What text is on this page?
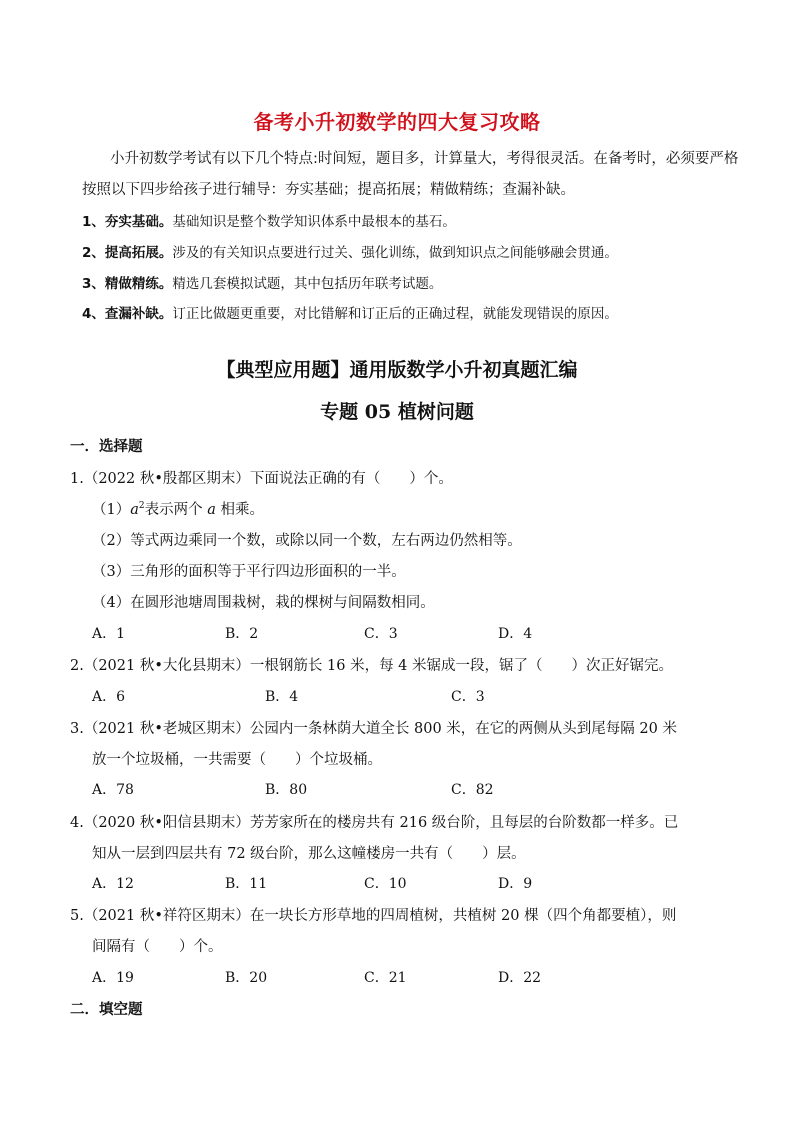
备考小升初数学的四大复习攻略
小升初数学考试有以下几个特点:时间短，题目多，计算量大，考得很灵活。在备考时，必须要严格
按照以下四步给孩子进行辅导：夯实基础；提高拓展；精做精练；查漏补缺。
1、夯实基础。基础知识是整个数学知识体系中最根本的基石。
2、提高拓展。涉及的有关知识点要进行过关、强化训练，做到知识点之间能够融会贯通。
3、精做精练。精选几套模拟试题，其中包括历年联考试题。
4、查漏补缺。订正比做题更重要，对比错解和订正后的正确过程，就能发现错误的原因。
【典型应用题】通用版数学小升初真题汇编
专题 05 植树问题
一．选择题
1.（2022 秋•殷都区期末）下面说法正确的有（　　）个。
$(1)a^2$表示两个 a 相乘。
（2）等式两边乘同一个数，或除以同一个数，左右两边仍然相等。
（3）三角形的面积等于平行四边形面积的一半。
（4）在圆形池塘周围栽树，栽的棵树与间隔数相同。
A．1	B．2	C．3	D．4
2.（2021 秋•大化县期末）一根钢筋长 16 米，每 4 米锯成一段，锯了（　　）次正好锯完。
A．6	B．4	C．3
3.（2021 秋•老城区期末）公园内一条林荫大道全长 800 米，在它的两侧从头到尾每隔 20 米
放一个垃圾桶，一共需要（　　）个垃圾桶。
A．78	B．80	C．82
4.（2020 秋•阳信县期末）芳芳家所在的楼房共有 216 级台阶，且每层的台阶数都一样多。已
知从一层到四层共有 72 级台阶，那么这幢楼房一共有（　　）层。
A．12	B．11	C．10	D．9
5.（2021 秋•祥符区期末）在一块长方形草地的四周植树，共植树 20 棵（四个角都要植），则
间隔有（　　）个。
A．19	B．20	C．21	D．22
二．填空题
